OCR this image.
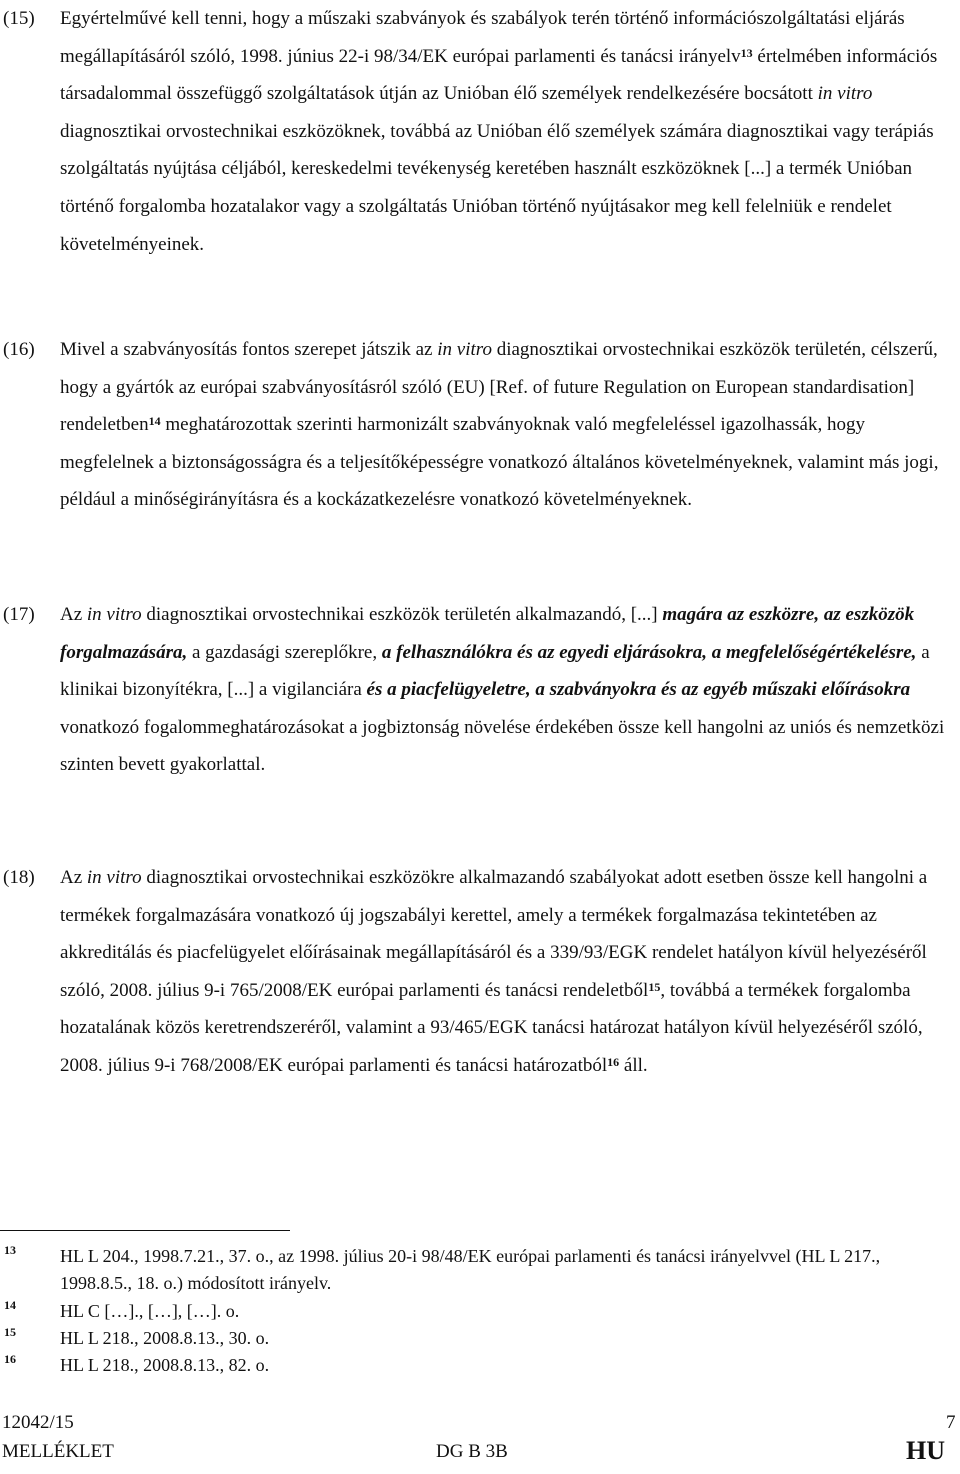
(15) Egyértelművé kell tenni, hogy a műszaki szabványok és szabályok terén történő információszolgáltatási eljárás megállapításáról szóló, 1998. június 22-i 98/34/EK európai parlamenti és tanácsi irányelv$^{13}$ értelmében információs társadalommal összefüggő szolgáltatások útján az Unióban élő személyek rendelkezésére bocsátott in vitro diagnosztikai orvostechnikai eszközöknek, továbbá az Unióban élő személyek számára diagnosztikai vagy terápiás szolgáltatás nyújtása céljából, kereskedelmi tevékenység keretében használt eszközöknek [...] a termék Unióban történő forgalomba hozatalakor vagy a szolgáltatás Unióban történő nyújtásakor meg kell felelniük e rendelet követelményeinek.
(16) Mivel a szabványosítás fontos szerepet játszik az in vitro diagnosztikai orvostechnikai eszközök területén, célszerű, hogy a gyártók az európai szabványosításról szóló (EU) [Ref. of future Regulation on European standardisation] rendeletben$^{14}$ meghatározottak szerinti harmonizált szabványoknak való megfeleléssel igazolhassák, hogy megfelelnek a biztonságosságra és a teljesítőképességre vonatkozó általános követelményeknek, valamint más jogi, például a minőségirányításra és a kockázatkezelésre vonatkozó követelményeknek.
(17) Az in vitro diagnosztikai orvostechnikai eszközök területén alkalmazandó, [...] magára az eszközre, az eszközök forgalmazására, a gazdasági szereplőkre, a felhasználókra és az egyedi eljárásokra, a megfelelőségértékelésre, a klinikai bizonyítékra, [...] a vigilanciára és a piacfelügyeletre, a szabványokra és az egyéb műszaki előírásokra vonatkozó fogalommeghatározásokat a jogbiztonság növelése érdekében össze kell hangolni az uniós és nemzetközi szinten bevett gyakorlattal.
(18) Az in vitro diagnosztikai orvostechnikai eszközökre alkalmazandó szabályokat adott esetben össze kell hangolni a termékek forgalmazására vonatkozó új jogszabályi kerettel, amely a termékek forgalmazása tekintetében az akkreditálás és piacfelügyelet előírásainak megállapításáról és a 339/93/EGK rendelet hatályon kívül helyezéséről szóló, 2008. július 9-i 765/2008/EK európai parlamenti és tanácsi rendeletből$^{15}$, továbbá a termékek forgalomba hozatalának közös keretrendszeréről, valamint a 93/465/EGK tanácsi határozat hatályon kívül helyezéséről szóló, 2008. július 9-i 768/2008/EK európai parlamenti és tanácsi határozatból$^{16}$ áll.
13 HL L 204., 1998.7.21., 37. o., az 1998. július 20-i 98/48/EK európai parlamenti és tanácsi irányelvvel (HL L 217., 1998.8.5., 18. o.) módosított irányelv.
14 HL C […]., […], […]. o.
15 HL L 218., 2008.8.13., 30. o.
16 HL L 218., 2008.8.13., 82. o.
12042/15	7
MELLÉKLET	DG B 3B	HU
